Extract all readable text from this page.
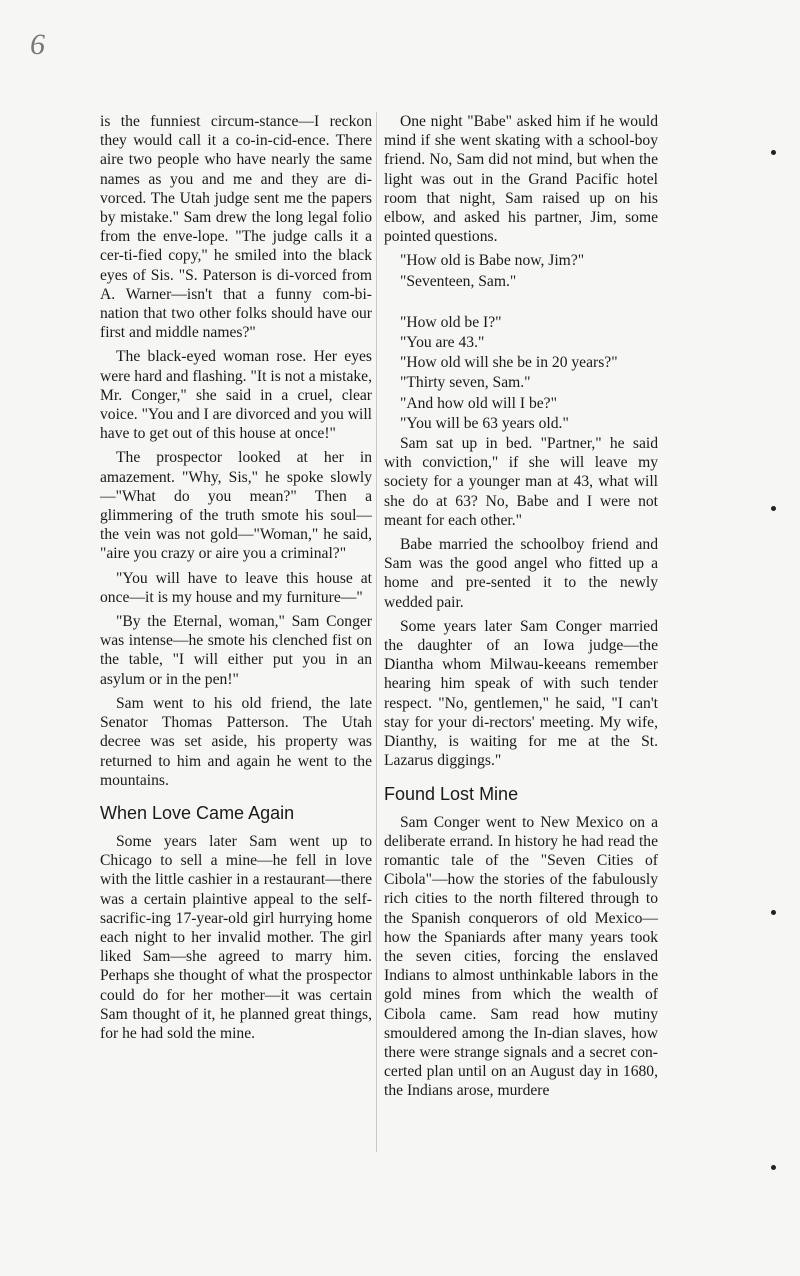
6

is the funniest circum-stance—I reckon they would call it a co-in-cid-ence. There aire two people who have nearly the same names as you and me and they are di-vorced. The Utah judge sent me the papers by mistake." Sam drew the long legal folio from the enve-lope. "The judge calls it a cer-ti-fied copy," he smiled into the black eyes of Sis. "S. Paterson is di-vorced from A. Warner—isn't that a funny com-bi-nation that two other folks should have our first and middle names?"

The black-eyed woman rose. Her eyes were hard and flashing. "It is not a mistake, Mr. Conger," she said in a cruel, clear voice. "You and I are divorced and you will have to get out of this house at once!"

The prospector looked at her in amazement. "Why, Sis," he spoke slowly—"What do you mean?" Then a glimmering of the truth smote his soul—the vein was not gold—"Woman," he said, "aire you crazy or aire you a criminal?"

"You will have to leave this house at once—it is my house and my furniture—"

"By the Eternal, woman," Sam Conger was intense—he smote his clenched fist on the table, "I will either put you in an asylum or in the pen!"

Sam went to his old friend, the late Senator Thomas Patterson. The Utah decree was set aside, his property was returned to him and again he went to the mountains.

When Love Came Again

Some years later Sam went up to Chicago to sell a mine—he fell in love with the little cashier in a restaurant—there was a certain plaintive appeal to the self-sacrific-ing 17-year-old girl hurrying home each night to her invalid mother. The girl liked Sam—she agreed to marry him. Perhaps she thought of what the prospector could do for her mother—it was certain Sam thought of it, he planned great things, for he had sold the mine.

One night "Babe" asked him if he would mind if she went skating with a school-boy friend. No, Sam did not mind, but when the light was out in the Grand Pacific hotel room that night, Sam raised up on his elbow, and asked his partner, Jim, some pointed questions.

"How old is Babe now, Jim?"

"Seventeen, Sam."

"How old be I?"

"You are 43."

"How old will she be in 20 years?"

"Thirty seven, Sam."

"And how old will I be?"

"You will be 63 years old."

Sam sat up in bed. "Partner," he said with conviction," if she will leave my society for a younger man at 43, what will she do at 63? No, Babe and I were not meant for each other."

Babe married the schoolboy friend and Sam was the good angel who fitted up a home and pre-sented it to the newly wedded pair.

Some years later Sam Conger married the daughter of an Iowa judge—the Diantha whom Milwau-keeans remember hearing him speak of with such tender respect. "No, gentlemen," he said, "I can't stay for your di-rectors' meeting. My wife, Dianthy, is waiting for me at the St. Lazarus diggings."

Found Lost Mine

Sam Conger went to New Mexico on a deliberate errand. In history he had read the romantic tale of the "Seven Cities of Cibola"—how the stories of the fabulously rich cities to the north filtered through to the Spanish conquerors of old Mexico—how the Spaniards after many years took the seven cities, forcing the enslaved Indians to almost unthinkable labors in the gold mines from which the wealth of Cibola came. Sam read how mutiny smouldered among the In-dian slaves, how there were strange signals and a secret con-certed plan until on an August day in 1680, the Indians arose, murdere
